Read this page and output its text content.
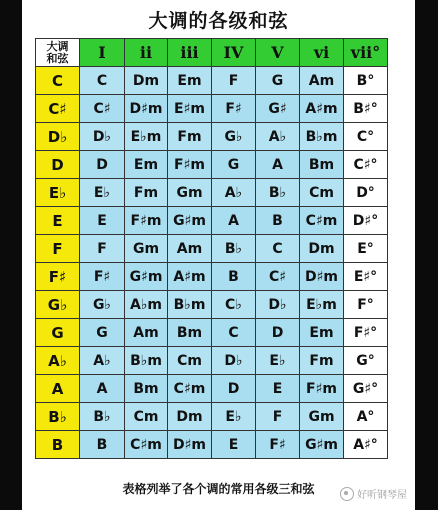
大调的各级和弦
大调
和弦	I	ii	iii	IV	V	vi	vii°
C	C	Dm	Em	F	G	Am	B°
C♯	C♯	D♯m	E♯m	F♯	G♯	A♯m	B♯°
D♭	D♭	E♭m	Fm	G♭	A♭	B♭m	C°
D	D	Em	F♯m	G	A	Bm	C♯°
E♭	E♭	Fm	Gm	A♭	B♭	Cm	D°
E	E	F♯m	G♯m	A	B	C♯m	D♯°
F	F	Gm	Am	B♭	C	Dm	E°
F♯	F♯	G♯m	A♯m	B	C♯	D♯m	E♯°
G♭	G♭	A♭m	B♭m	C♭	D♭	E♭m	F°
G	G	Am	Bm	C	D	Em	F♯°
A♭	A♭	B♭m	Cm	D♭	E♭	Fm	G°
A	A	Bm	C♯m	D	E	F♯m	G♯°
B♭	B♭	Cm	Dm	E♭	F	Gm	A°
B	B	C♯m	D♯m	E	F♯	G♯m	A♯°
表格列举了各个调的常用各级三和弦	好听钢琴屋
